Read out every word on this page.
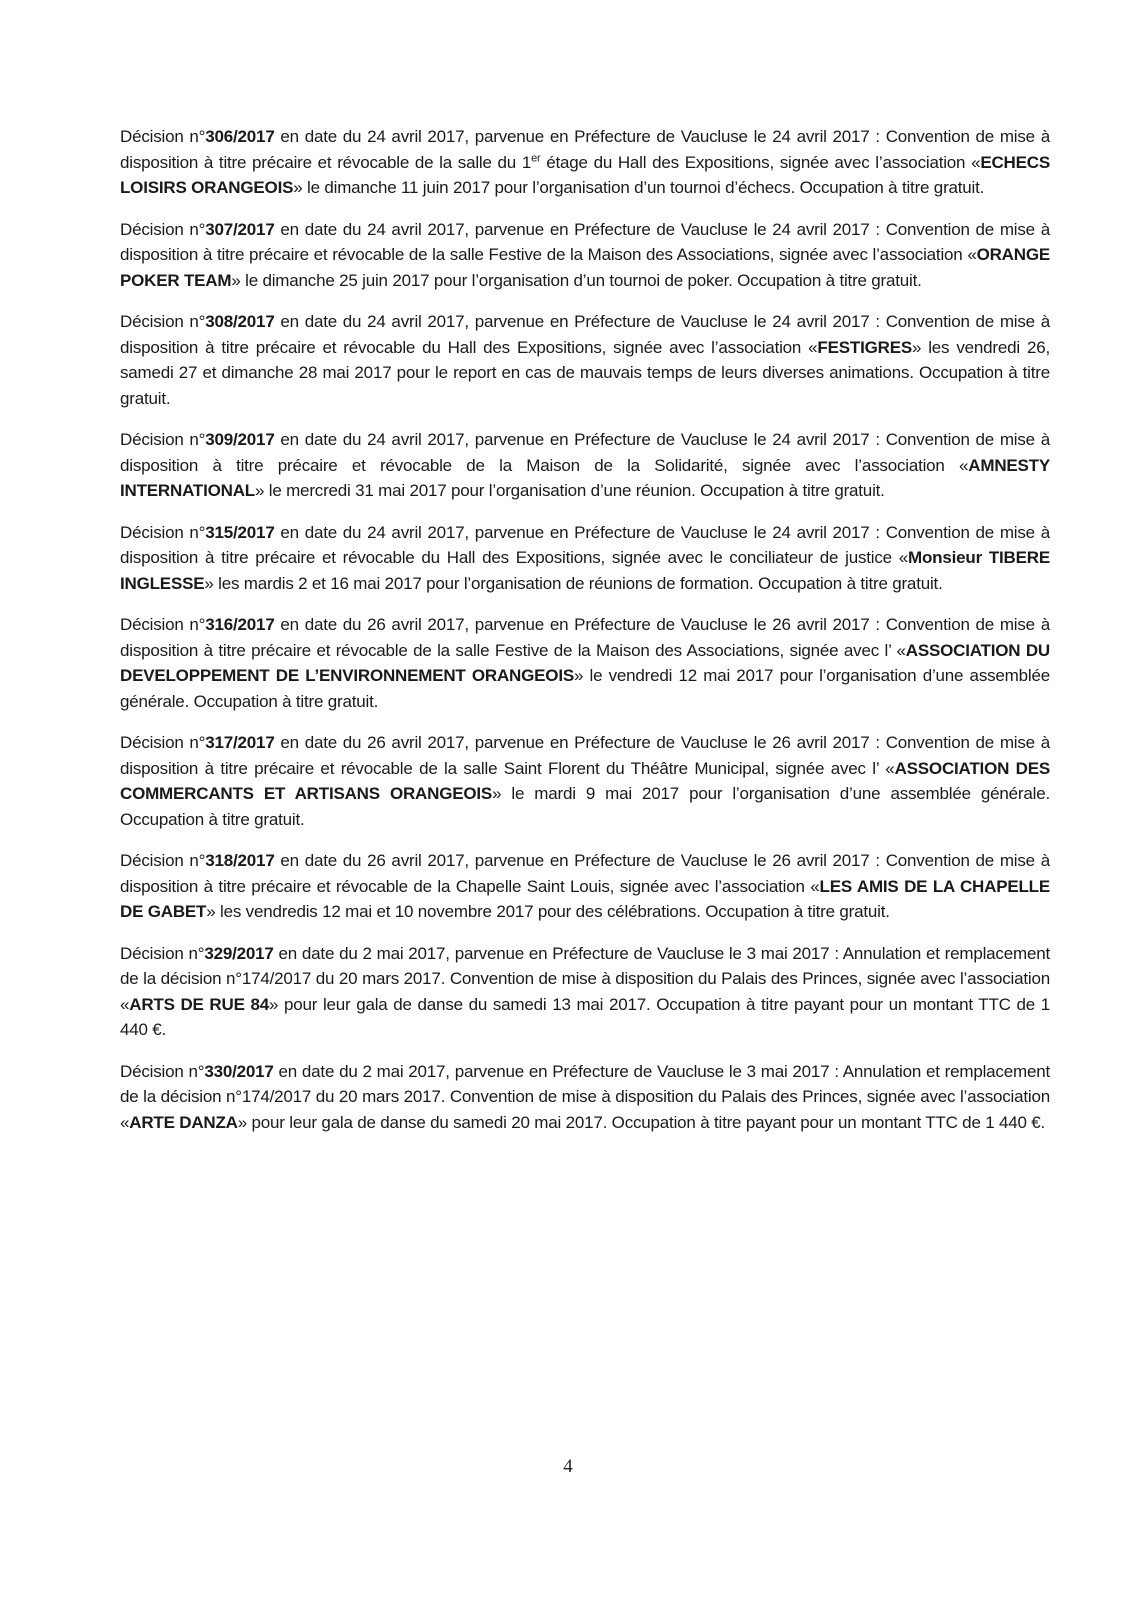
Décision n°306/2017 en date du 24 avril 2017, parvenue en Préfecture de Vaucluse le 24 avril 2017 : Convention de mise à disposition à titre précaire et révocable de la salle du 1er étage du Hall des Expositions, signée avec l’association «ECHECS LOISIRS ORANGEOIS» le dimanche 11 juin 2017 pour l’organisation d’un tournoi d’échecs. Occupation à titre gratuit.

Décision n°307/2017 en date du 24 avril 2017, parvenue en Préfecture de Vaucluse le 24 avril 2017 : Convention de mise à disposition à titre précaire et révocable de la salle Festive de la Maison des Associations, signée avec l’association «ORANGE POKER TEAM» le dimanche 25 juin 2017 pour l’organisation d’un tournoi de poker. Occupation à titre gratuit.

Décision n°308/2017 en date du 24 avril 2017, parvenue en Préfecture de Vaucluse le 24 avril 2017 : Convention de mise à disposition à titre précaire et révocable du Hall des Expositions, signée avec l’association «FESTIGRES» les vendredi 26, samedi 27 et dimanche 28 mai 2017 pour le report en cas de mauvais temps de leurs diverses animations. Occupation à titre gratuit.

Décision n°309/2017 en date du 24 avril 2017, parvenue en Préfecture de Vaucluse le 24 avril 2017 : Convention de mise à disposition à titre précaire et révocable de la Maison de la Solidarité, signée avec l’association «AMNESTY INTERNATIONAL» le mercredi 31 mai 2017 pour l’organisation d’une réunion. Occupation à titre gratuit.

Décision n°315/2017 en date du 24 avril 2017, parvenue en Préfecture de Vaucluse le 24 avril 2017 : Convention de mise à disposition à titre précaire et révocable du Hall des Expositions, signée avec le conciliateur de justice «Monsieur TIBERE INGLESSE» les mardis 2 et 16 mai 2017 pour l’organisation de réunions de formation. Occupation à titre gratuit.

Décision n°316/2017 en date du 26 avril 2017, parvenue en Préfecture de Vaucluse le 26 avril 2017 : Convention de mise à disposition à titre précaire et révocable de la salle Festive de la Maison des Associations, signée avec l’ «ASSOCIATION DU DEVELOPPEMENT DE L’ENVIRONNEMENT ORANGEOIS» le vendredi 12 mai 2017 pour l’organisation d’une assemblée générale. Occupation à titre gratuit.

Décision n°317/2017 en date du 26 avril 2017, parvenue en Préfecture de Vaucluse le 26 avril 2017 : Convention de mise à disposition à titre précaire et révocable de la salle Saint Florent du Théâtre Municipal, signée avec l’ «ASSOCIATION DES COMMERCANTS ET ARTISANS ORANGEOIS» le mardi 9 mai 2017 pour l’organisation d’une assemblée générale. Occupation à titre gratuit.

Décision n°318/2017 en date du 26 avril 2017, parvenue en Préfecture de Vaucluse le 26 avril 2017 : Convention de mise à disposition à titre précaire et révocable de la Chapelle Saint Louis, signée avec l’association «LES AMIS DE LA CHAPELLE DE GABET» les vendredis 12 mai et 10 novembre 2017 pour des célébrations. Occupation à titre gratuit.

Décision n°329/2017 en date du 2 mai 2017, parvenue en Préfecture de Vaucluse le 3 mai 2017 : Annulation et remplacement de la décision n°174/2017 du 20 mars 2017. Convention de mise à disposition du Palais des Princes, signée avec l’association «ARTS DE RUE 84» pour leur gala de danse du samedi 13 mai 2017. Occupation à titre payant pour un montant TTC de 1 440 €.

Décision n°330/2017 en date du 2 mai 2017, parvenue en Préfecture de Vaucluse le 3 mai 2017 : Annulation et remplacement de la décision n°174/2017 du 20 mars 2017. Convention de mise à disposition du Palais des Princes, signée avec l’association «ARTE DANZA» pour leur gala de danse du samedi 20 mai 2017. Occupation à titre payant pour un montant TTC de 1 440 €.

4
